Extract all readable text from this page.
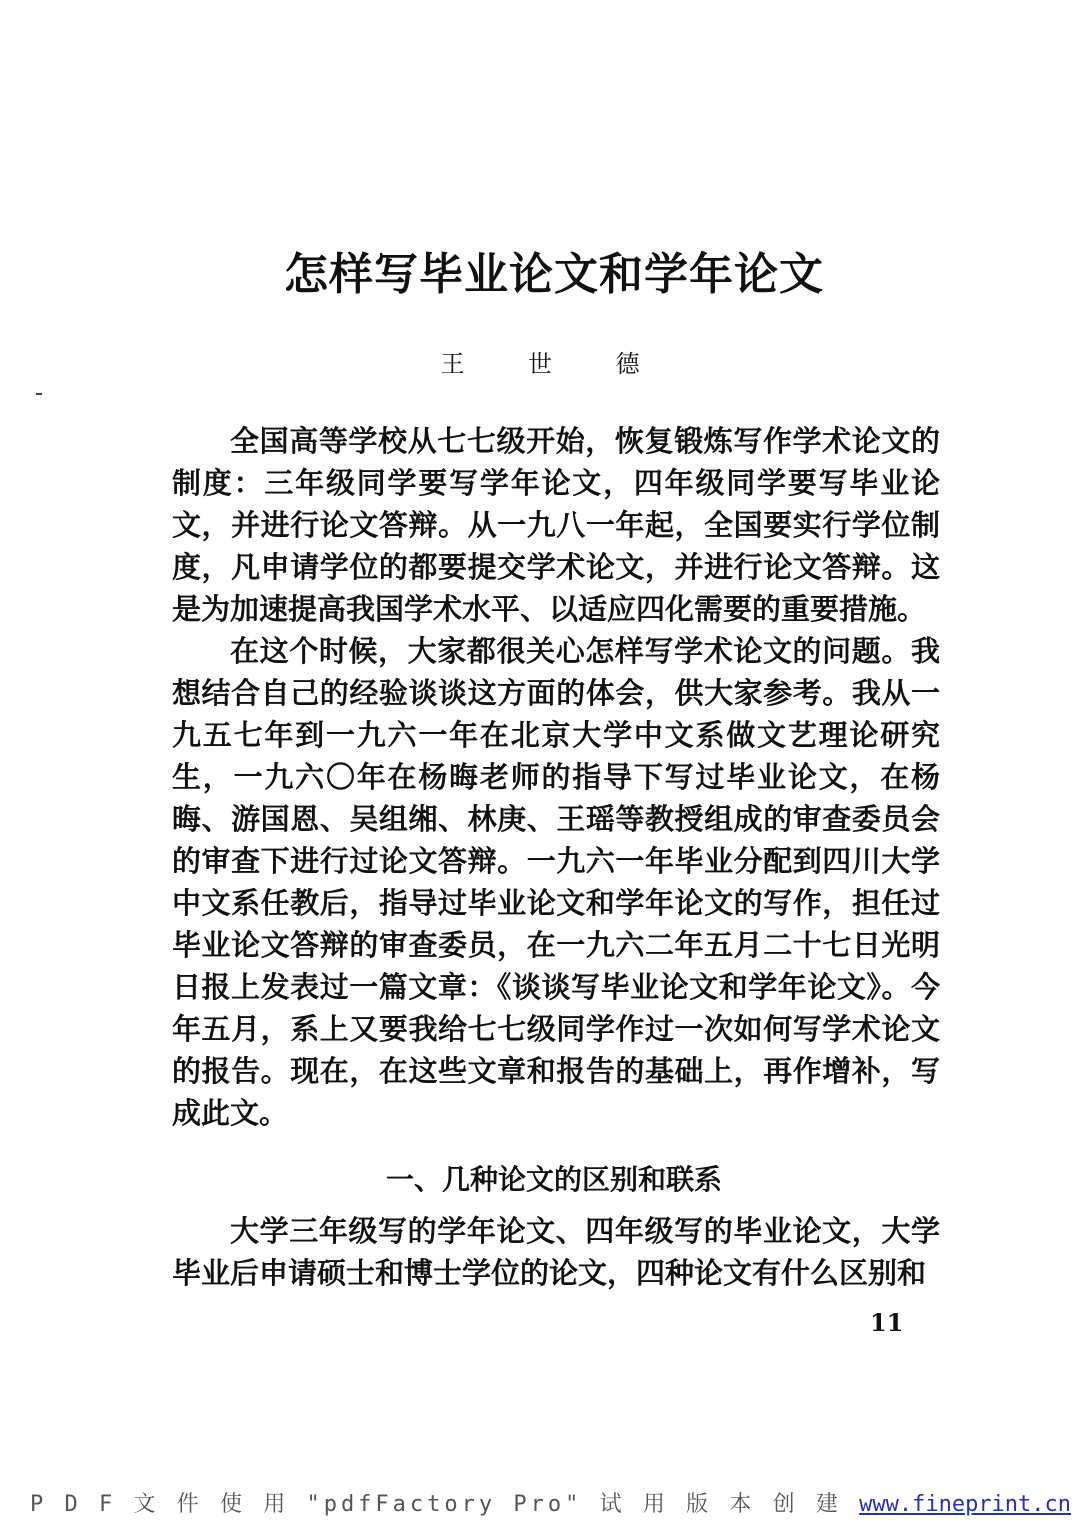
怎样写毕业论文和学年论文
王 世 德

全国高等学校从七七级开始，恢复锻炼写作学术论文的制度：三年级同学要写学年论文，四年级同学要写毕业论文，并进行论文答辩。从一九八一年起，全国要实行学位制度，凡申请学位的都要提交学术论文，并进行论文答辩。这是为加速提高我国学术水平、以适应四化需要的重要措施。

在这个时候，大家都很关心怎样写学术论文的问题。我想结合自己的经验谈谈这方面的体会，供大家参考。我从一九五七年到一九六一年在北京大学中文系做文艺理论研究生，一九六〇年在杨晦老师的指导下写过毕业论文，在杨晦、游国恩、吴组缃、林庚、王瑶等教授组成的审查委员会的审查下进行过论文答辩。一九六一年毕业分配到四川大学中文系任教后，指导过毕业论文和学年论文的写作，担任过毕业论文答辩的审查委员，在一九六二年五月二十七日光明日报上发表过一篇文章：《谈谈写毕业论文和学年论文》。今年五月，系上又要我给七七级同学作过一次如何写学术论文的报告。现在，在这些文章和报告的基础上，再作增补，写成此文。

一、几种论文的区别和联系

大学三年级写的学年论文、四年级写的毕业论文，大学毕业后申请硕士和博士学位的论文，四种论文有什么区别和

11
P D F 文 件 使 用 "pdfFactory Pro" 试 用 版 本 创 建 www.fineprint.cn
